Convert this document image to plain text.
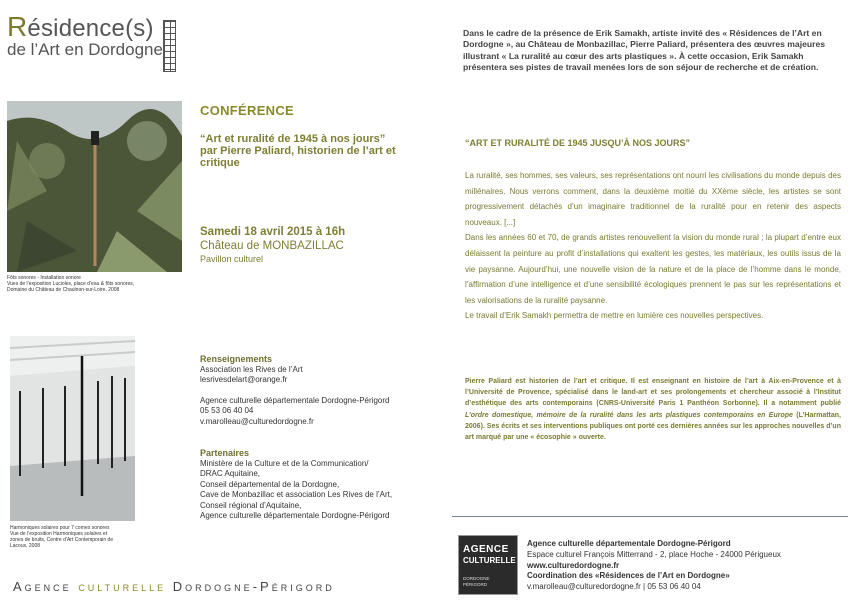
Résidence(s)
de l’Art en Dordogne
Fôts sonores - Installation sonore
Vues de l’exposition Lucioles, place d’eau & fôts sonores,
Domaine du Château de Chaulnon-sur-Loire, 2008
Harmoniques solaires pour 7 cornes sonores
Vue de l’exposition Harmoniques solaires et
zones de bruits, Centre d’Art Contemporain de
Lacoux, 2008
CONFÉRENCE
“Art et ruralité de 1945 à nos jours”
par Pierre Paliard, historien de l’art et critique
Samedi 18 avril 2015 à 16h
Château de MONBAZILLAC
Pavillon culturel
Renseignements
Association les Rives de l’Art
lesrivesdelart@orange.fr
Agence culturelle départementale Dordogne-Périgord
05 53 06 40 04
v.marolleau@culturedordogne.fr
Partenaires
Ministère de la Culture et de la Communication/
DRAC Aquitaine,
Conseil départemental de la Dordogne,
Cave de Monbazillac et association Les Rives de l’Art,
Conseil régional d’Aquitaine,
Agence culturelle départementale Dordogne-Périgord
Agence culturelle Dordogne-Périgord
Dans le cadre de la présence de Erik Samakh, artiste invité des « Résidences de l’Art en Dordogne », au Château de Monbazillac, Pierre Paliard, présentera des œuvres majeures illustrant « La ruralité au cœur des arts plastiques ». À cette occasion, Erik Samakh présentera ses pistes de travail menées lors de son séjour de recherche et de création.
“ART ET RURALITÉ DE 1945 JUSQU’À NOS JOURS”
La ruralité, ses hommes, ses valeurs, ses représentations ont nourri les civilisations du monde depuis des millénaires. Nous verrons comment, dans la deuxième moitié du XXème siècle, les artistes se sont progressivement détachés d’un imaginaire traditionnel de la ruralité pour en retenir des aspects nouveaux. [...]
Dans les années 60 et 70, de grands artistes renouvellent la vision du monde rural ; la plupart d’entre eux délaissent la peinture au profit d’installations qui exaltent les gestes, les matériaux, les outils issus de la vie paysanne. Aujourd’hui, une nouvelle vision de la nature et de la place de l’homme dans le monde, l’affirmation d’une intelligence et d’une sensibilité écologiques prennent le pas sur les représentations et les valorisations de la ruralité paysanne.
Le travail d’Erik Samakh permettra de mettre en lumière ces nouvelles perspectives.
Pierre Paliard est historien de l’art et critique. Il est enseignant en histoire de l’art à Aix-en-Provence et à l’Université de Provence, spécialisé dans le land-art et ses prolongements et chercheur associé à l’Institut d’esthétique des arts contemporains (CNRS-Université Paris 1 Panthéon Sorbonne). Il a notamment publié L’ordre domestique, mémoire de la ruralité dans les arts plastiques contemporains en Europe (L’Harmattan, 2006). Ses écrits et ses interventions publiques ont porté ces dernières années sur les approches nouvelles d’un art marqué par une « écosophie » ouverte.
AGENCE
CULTURELLE
DORDOGNE
PÉRIGORD
Agence culturelle départementale Dordogne-Périgord
Espace culturel François Mitterrand - 2, place Hoche - 24000 Périgueux
www.culturedordogne.fr
Coordination des «Résidences de l’Art en Dordogne»
v.marolleau@culturedordogne.fr | 05 53 06 40 04
